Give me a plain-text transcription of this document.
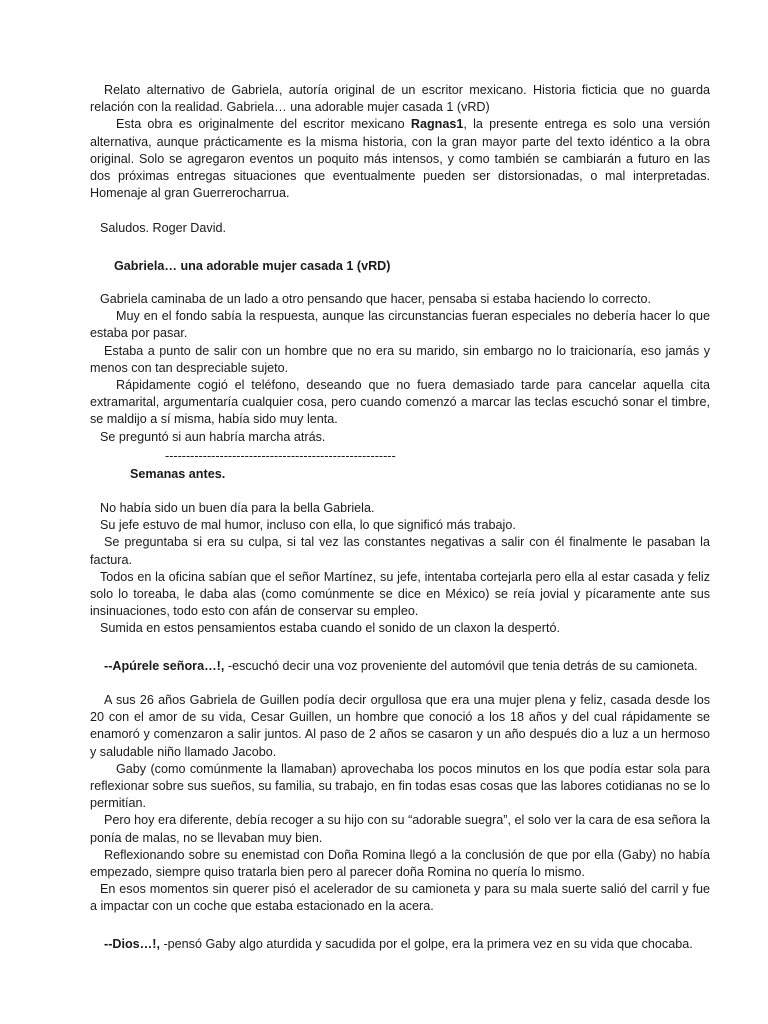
Relato alternativo de Gabriela, autoría original de un escritor mexicano. Historia ficticia que no guarda relación con la realidad. Gabriela… una adorable mujer casada 1 (vRD)

Esta obra es originalmente del escritor mexicano Ragnas1, la presente entrega es solo una versión alternativa, aunque prácticamente es la misma historia, con la gran mayor parte del texto idéntico a la obra original. Solo se agregaron eventos un poquito más intensos, y como también se cambiarán a futuro en las dos próximas entregas situaciones que eventualmente pueden ser distorsionadas, o mal interpretadas. Homenaje al gran Guerrerocharrua.

Saludos. Roger David.

Gabriela… una adorable mujer casada 1 (vRD)

Gabriela caminaba de un lado a otro pensando que hacer, pensaba si estaba haciendo lo correcto.

Muy en el fondo sabía la respuesta, aunque las circunstancias fueran especiales no debería hacer lo que estaba por pasar.

Estaba a punto de salir con un hombre que no era su marido, sin embargo no lo traicionaría, eso jamás y menos con tan despreciable sujeto.

Rápidamente cogió el teléfono, deseando que no fuera demasiado tarde para cancelar aquella cita extramarital, argumentaría cualquier cosa, pero cuando comenzó a marcar las teclas escuchó sonar el timbre, se maldijo a sí misma, había sido muy lenta.

Se preguntó si aun habría marcha atrás.

-------------------------------------------------------
Semanas antes.

No había sido un buen día para la bella Gabriela.

Su jefe estuvo de mal humor, incluso con ella, lo que significó más trabajo.

Se preguntaba si era su culpa, si tal vez las constantes negativas a salir con él finalmente le pasaban la factura.

Todos en la oficina sabían que el señor Martínez, su jefe, intentaba cortejarla pero ella al estar casada y feliz solo lo toreaba, le daba alas (como comúnmente se dice en México) se reía jovial y pícaramente ante sus insinuaciones, todo esto con afán de conservar su empleo.

Sumida en estos pensamientos estaba cuando el sonido de un claxon la despertó.

--Apúrele señora…!, -escuchó decir una voz proveniente del automóvil que tenia detrás de su camioneta.

A sus 26 años Gabriela de Guillen podía decir orgullosa que era una mujer plena y feliz, casada desde los 20 con el amor de su vida, Cesar Guillen, un hombre que conoció a los 18 años y del cual rápidamente se enamoró y comenzaron a salir juntos. Al paso de 2 años se casaron y un año después dio a luz a un hermoso y saludable niño llamado Jacobo.

Gaby (como comúnmente la llamaban) aprovechaba los pocos minutos en los que podía estar sola para reflexionar sobre sus sueños, su familia, su trabajo, en fin todas esas cosas que las labores cotidianas no se lo permitían.

Pero hoy era diferente, debía recoger a su hijo con su “adorable suegra”, el solo ver la cara de esa señora la ponía de malas, no se llevaban muy bien.

Reflexionando sobre su enemistad con Doña Romina llegó a la conclusión de que por ella (Gaby) no había empezado, siempre quiso tratarla bien pero al parecer doña Romina no quería lo mismo.

En esos momentos sin querer pisó el acelerador de su camioneta y para su mala suerte salió del carril y fue a impactar con un coche que estaba estacionado en la acera.

--Dios…!, -pensó Gaby algo aturdida y sacudida por el golpe, era la primera vez en su vida que chocaba.
